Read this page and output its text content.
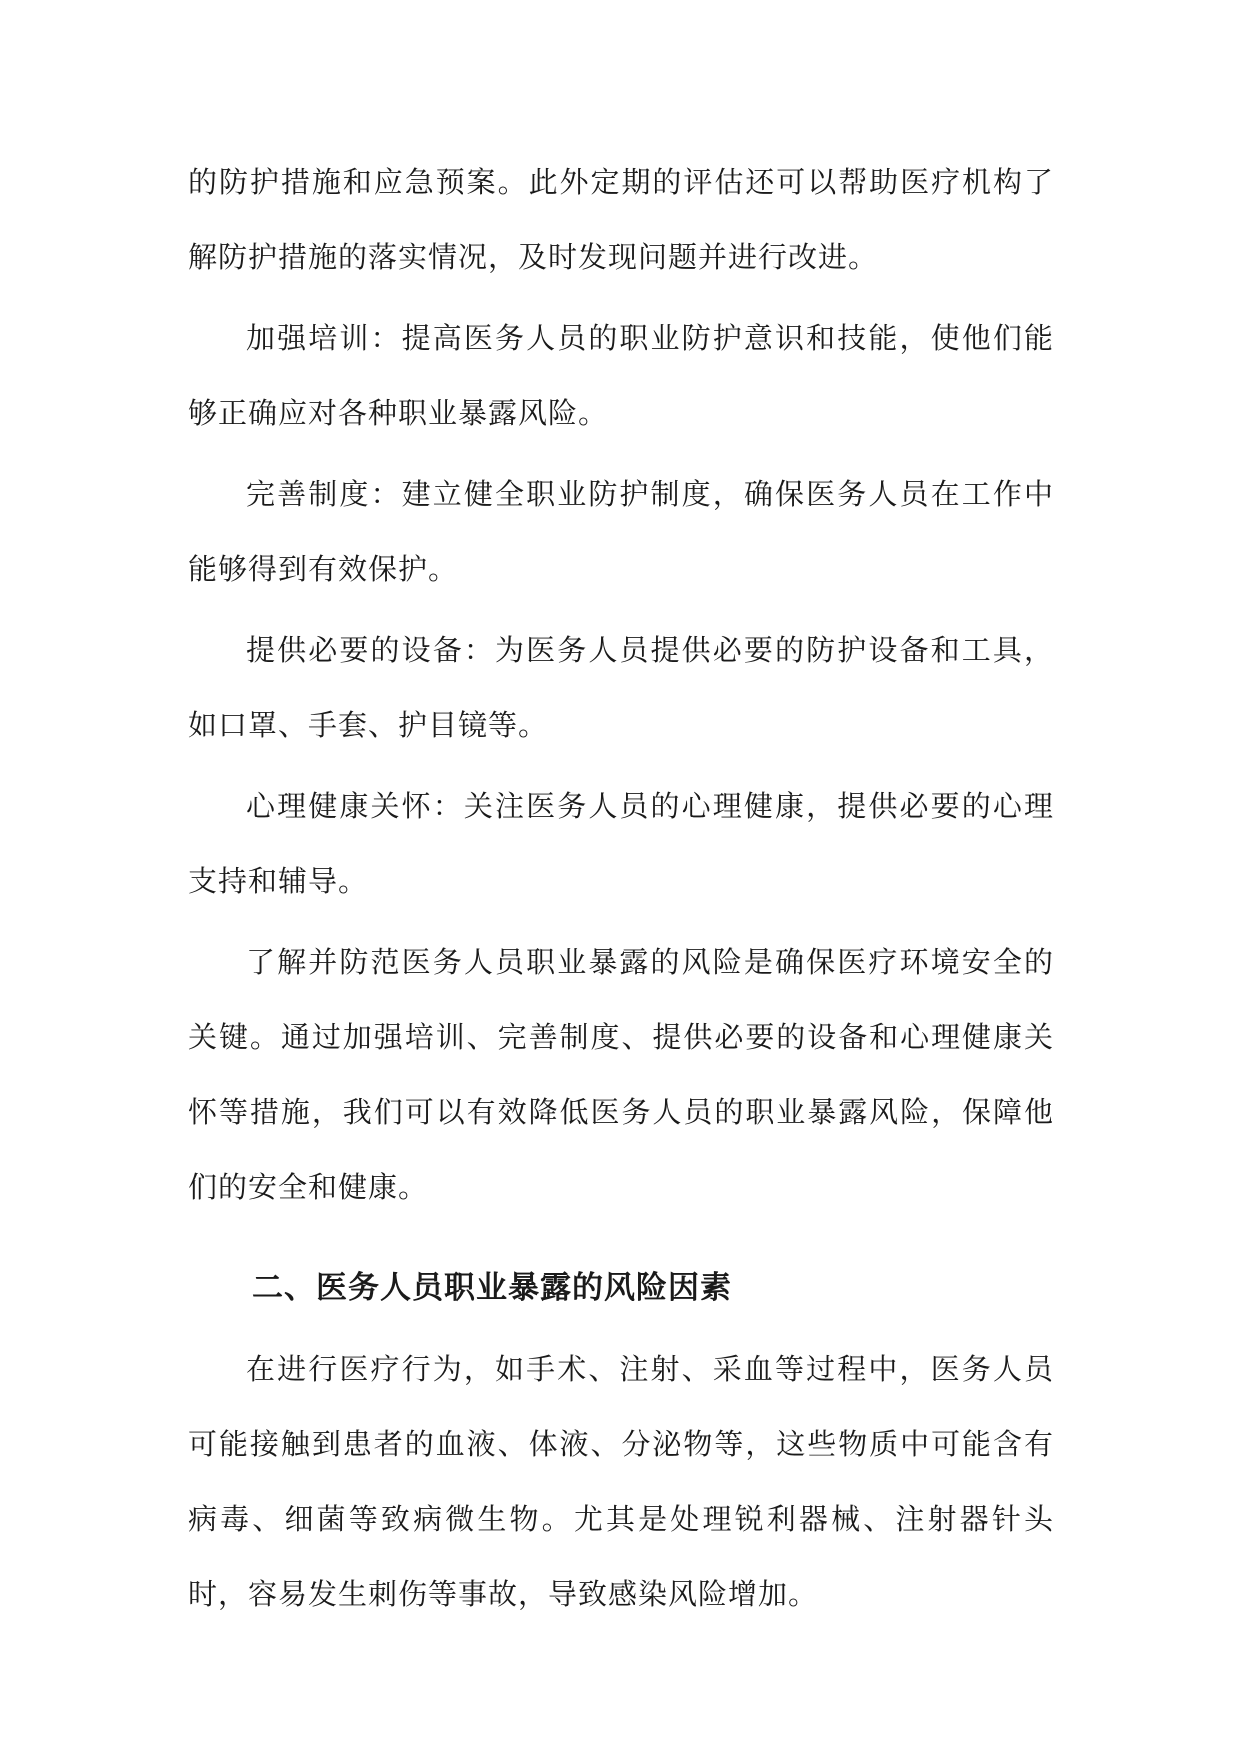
的防护措施和应急预案。此外定期的评估还可以帮助医疗机构了解防护措施的落实情况，及时发现问题并进行改进。

加强培训：提高医务人员的职业防护意识和技能，使他们能够正确应对各种职业暴露风险。

完善制度：建立健全职业防护制度，确保医务人员在工作中能够得到有效保护。

提供必要的设备：为医务人员提供必要的防护设备和工具，如口罩、手套、护目镜等。

心理健康关怀：关注医务人员的心理健康，提供必要的心理支持和辅导。

了解并防范医务人员职业暴露的风险是确保医疗环境安全的关键。通过加强培训、完善制度、提供必要的设备和心理健康关怀等措施，我们可以有效降低医务人员的职业暴露风险，保障他们的安全和健康。

二、医务人员职业暴露的风险因素

在进行医疗行为，如手术、注射、采血等过程中，医务人员可能接触到患者的血液、体液、分泌物等，这些物质中可能含有病毒、细菌等致病微生物。尤其是处理锐利器械、注射器针头时，容易发生刺伤等事故，导致感染风险增加。
